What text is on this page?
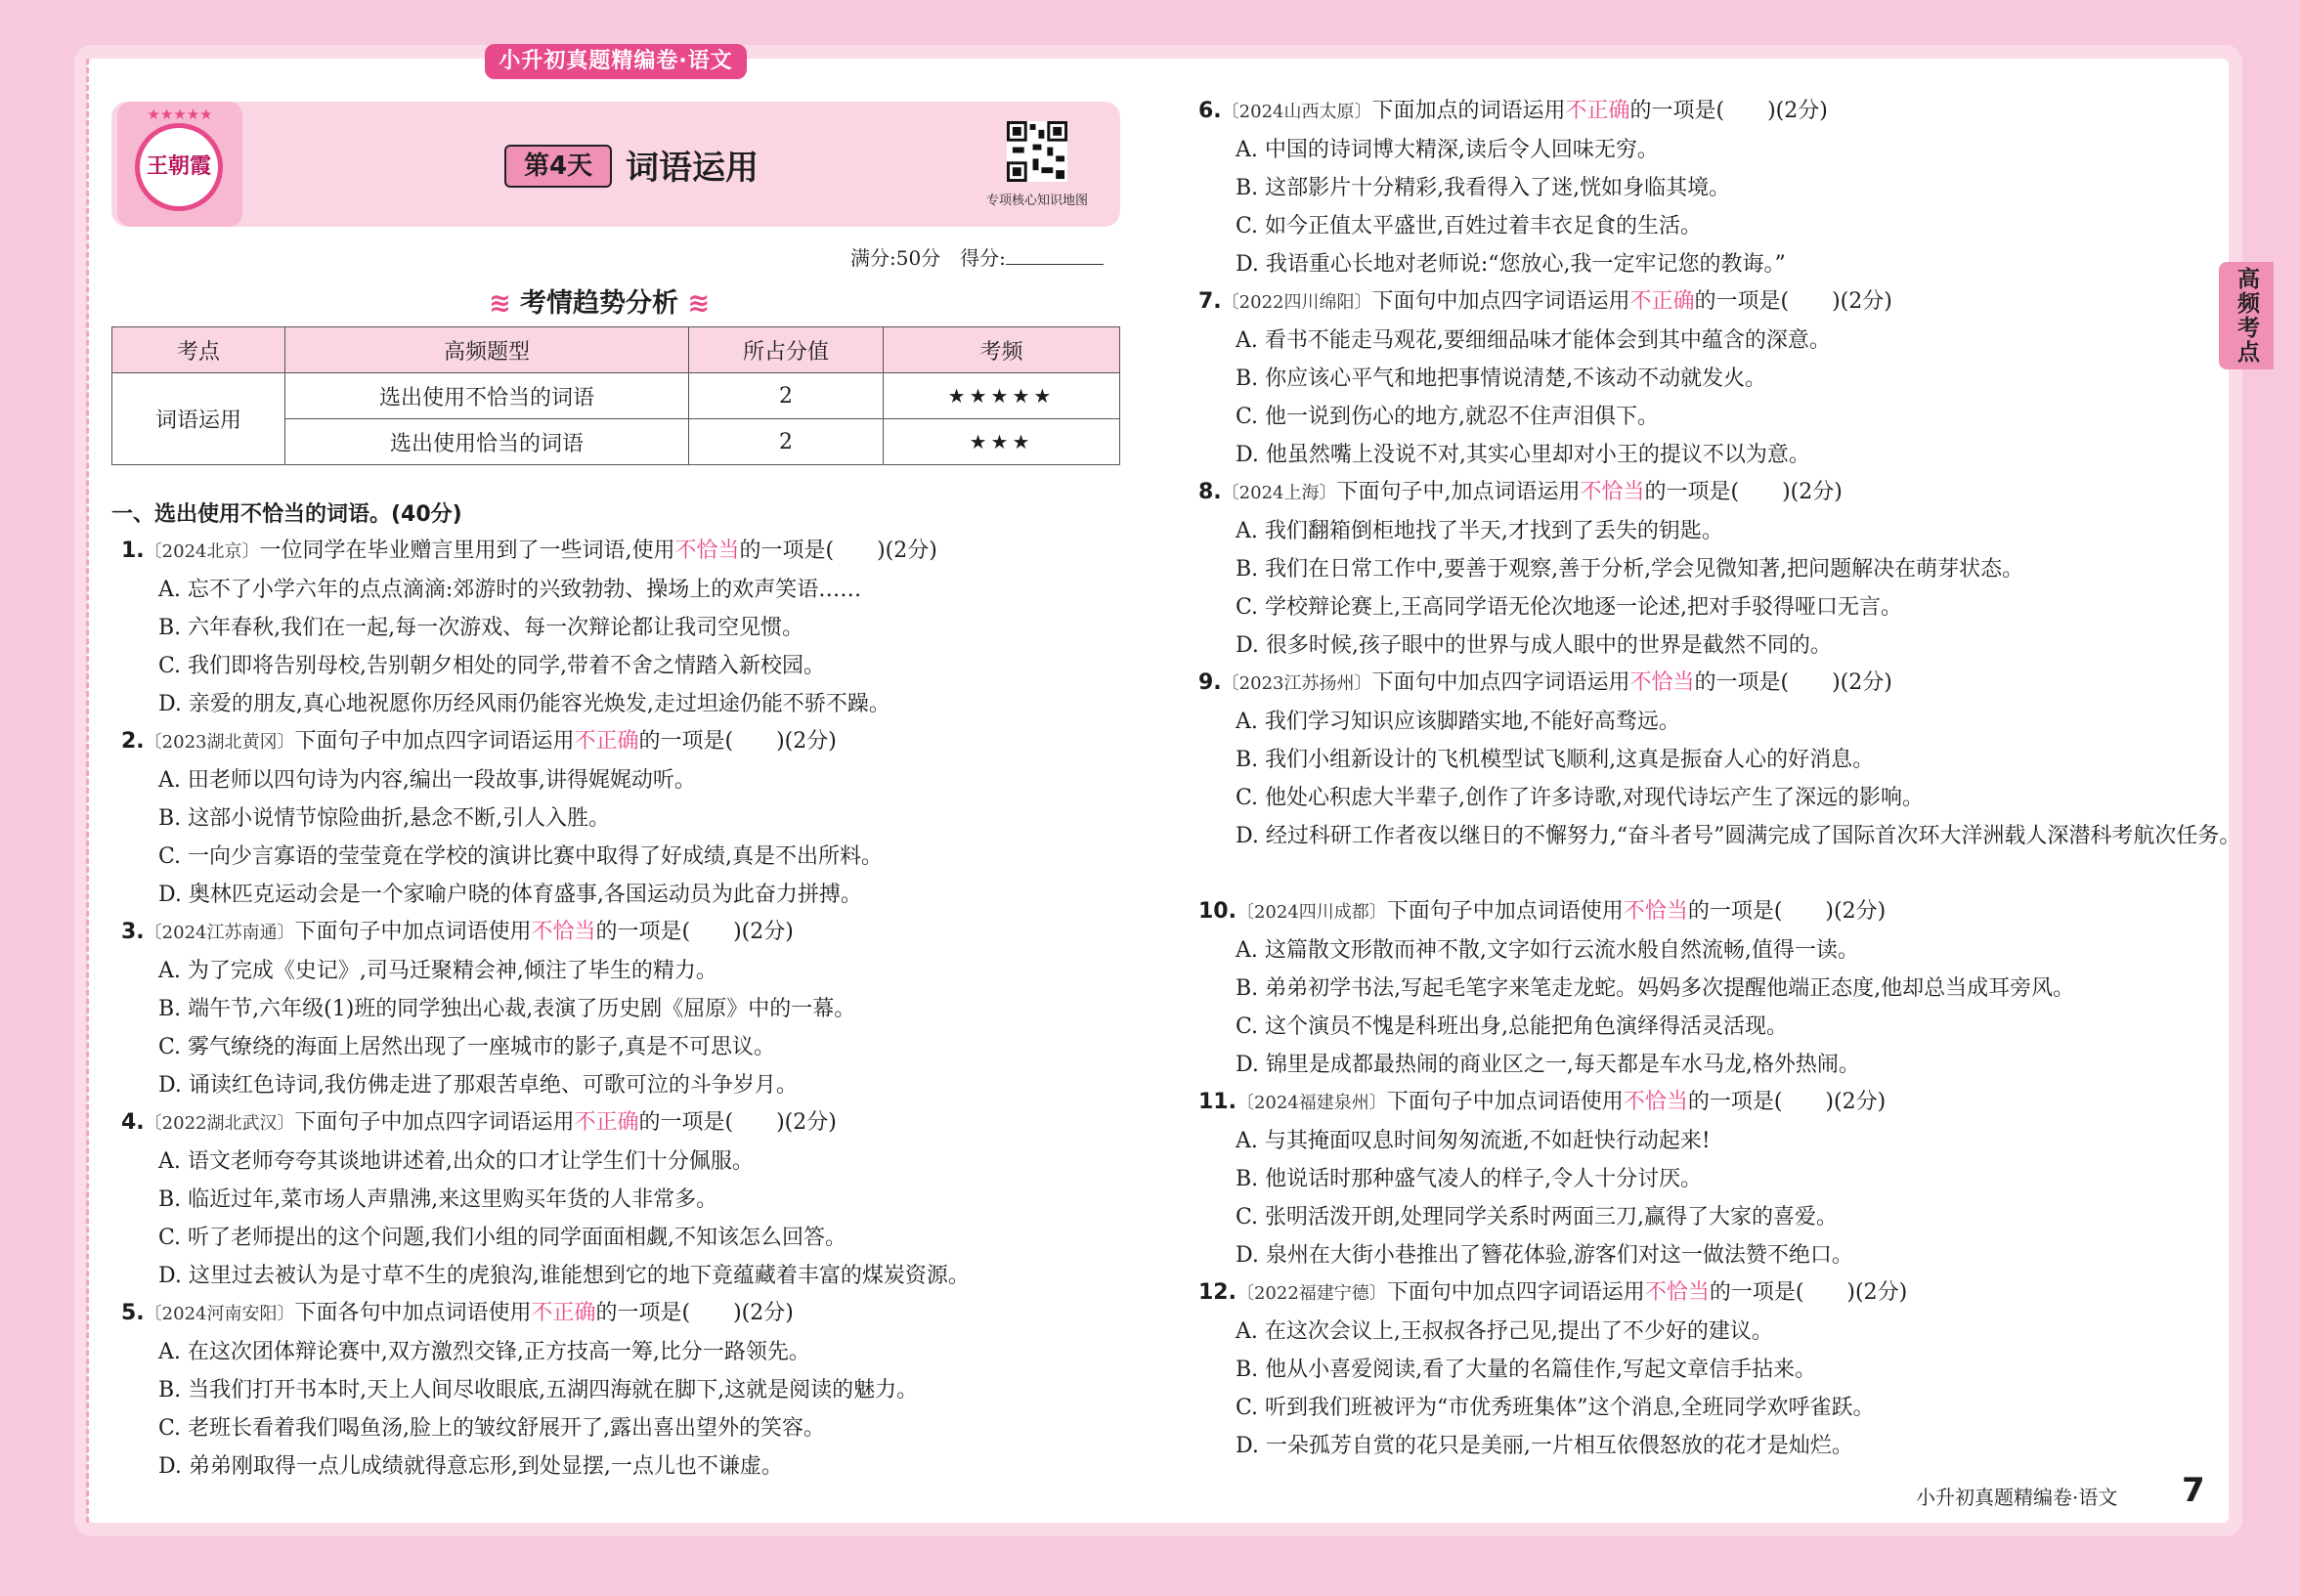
小升初真题精编卷·语文
高频考点
★★★★★
王朝霞	第4天 词语运用
专项核心知识地图
满分:50分　得分:
≋ 考情趋势分析 ≋
考点	高频题型	所占分值	考频
词语运用	选出使用不恰当的词语	2	★★★★★
	选出使用恰当的词语	2	★★★
一、选出使用不恰当的词语。(40分)
1.〔2024北京〕一位同学在毕业赠言里用到了一些词语,使用不恰当的一项是(　　)(2分)
A. 忘不了小学六年的点点滴滴:郊游时的兴致勃勃、操场上的欢声笑语……
B. 六年春秋,我们在一起,每一次游戏、每一次辩论都让我司空见惯。
C. 我们即将告别母校,告别朝夕相处的同学,带着不舍之情踏入新校园。
D. 亲爱的朋友,真心地祝愿你历经风雨仍能容光焕发,走过坦途仍能不骄不躁。
2.〔2023湖北黄冈〕下面句子中加点四字词语运用不正确的一项是(　　)(2分)
A. 田老师以四句诗为内容,编出一段故事,讲得娓娓动听。
B. 这部小说情节惊险曲折,悬念不断,引人入胜。
C. 一向少言寡语的莹莹竟在学校的演讲比赛中取得了好成绩,真是不出所料。
D. 奥林匹克运动会是一个家喻户晓的体育盛事,各国运动员为此奋力拼搏。
3.〔2024江苏南通〕下面句子中加点词语使用不恰当的一项是(　　)(2分)
A. 为了完成《史记》,司马迁聚精会神,倾注了毕生的精力。
B. 端午节,六年级(1)班的同学独出心裁,表演了历史剧《屈原》中的一幕。
C. 雾气缭绕的海面上居然出现了一座城市的影子,真是不可思议。
D. 诵读红色诗词,我仿佛走进了那艰苦卓绝、可歌可泣的斗争岁月。
4.〔2022湖北武汉〕下面句子中加点四字词语运用不正确的一项是(　　)(2分)
A. 语文老师夸夸其谈地讲述着,出众的口才让学生们十分佩服。
B. 临近过年,菜市场人声鼎沸,来这里购买年货的人非常多。
C. 听了老师提出的这个问题,我们小组的同学面面相觑,不知该怎么回答。
D. 这里过去被认为是寸草不生的虎狼沟,谁能想到它的地下竟蕴藏着丰富的煤炭资源。
5.〔2024河南安阳〕下面各句中加点词语使用不正确的一项是(　　)(2分)
A. 在这次团体辩论赛中,双方激烈交锋,正方技高一筹,比分一路领先。
B. 当我们打开书本时,天上人间尽收眼底,五湖四海就在脚下,这就是阅读的魅力。
C. 老班长看着我们喝鱼汤,脸上的皱纹舒展开了,露出喜出望外的笑容。
D. 弟弟刚取得一点儿成绩就得意忘形,到处显摆,一点儿也不谦虚。
6.〔2024山西太原〕下面加点的词语运用不正确的一项是(　　)(2分)
A. 中国的诗词博大精深,读后令人回味无穷。
B. 这部影片十分精彩,我看得入了迷,恍如身临其境。
C. 如今正值太平盛世,百姓过着丰衣足食的生活。
D. 我语重心长地对老师说:“您放心,我一定牢记您的教诲。”
7.〔2022四川绵阳〕下面句中加点四字词语运用不正确的一项是(　　)(2分)
A. 看书不能走马观花,要细细品味才能体会到其中蕴含的深意。
B. 你应该心平气和地把事情说清楚,不该动不动就发火。
C. 他一说到伤心的地方,就忍不住声泪俱下。
D. 他虽然嘴上没说不对,其实心里却对小王的提议不以为意。
8.〔2024上海〕下面句子中,加点词语运用不恰当的一项是(　　)(2分)
A. 我们翻箱倒柜地找了半天,才找到了丢失的钥匙。
B. 我们在日常工作中,要善于观察,善于分析,学会见微知著,把问题解决在萌芽状态。
C. 学校辩论赛上,王高同学语无伦次地逐一论述,把对手驳得哑口无言。
D. 很多时候,孩子眼中的世界与成人眼中的世界是截然不同的。
9.〔2023江苏扬州〕下面句中加点四字词语运用不恰当的一项是(　　)(2分)
A. 我们学习知识应该脚踏实地,不能好高骛远。
B. 我们小组新设计的飞机模型试飞顺利,这真是振奋人心的好消息。
C. 他处心积虑大半辈子,创作了许多诗歌,对现代诗坛产生了深远的影响。
D. 经过科研工作者夜以继日的不懈努力,“奋斗者号”圆满完成了国际首次环大洋洲载人深潜科考航次任务。
10.〔2024四川成都〕下面句子中加点词语使用不恰当的一项是(　　)(2分)
A. 这篇散文形散而神不散,文字如行云流水般自然流畅,值得一读。
B. 弟弟初学书法,写起毛笔字来笔走龙蛇。妈妈多次提醒他端正态度,他却总当成耳旁风。
C. 这个演员不愧是科班出身,总能把角色演绎得活灵活现。
D. 锦里是成都最热闹的商业区之一,每天都是车水马龙,格外热闹。
11.〔2024福建泉州〕下面句子中加点词语使用不恰当的一项是(　　)(2分)
A. 与其掩面叹息时间匆匆流逝,不如赶快行动起来!
B. 他说话时那种盛气凌人的样子,令人十分讨厌。
C. 张明活泼开朗,处理同学关系时两面三刀,赢得了大家的喜爱。
D. 泉州在大街小巷推出了簪花体验,游客们对这一做法赞不绝口。
12.〔2022福建宁德〕下面句中加点四字词语运用不恰当的一项是(　　)(2分)
A. 在这次会议上,王叔叔各抒己见,提出了不少好的建议。
B. 他从小喜爱阅读,看了大量的名篇佳作,写起文章信手拈来。
C. 听到我们班被评为“市优秀班集体”这个消息,全班同学欢呼雀跃。
D. 一朵孤芳自赏的花只是美丽,一片相互依偎怒放的花才是灿烂。
小升初真题精编卷·语文 7
